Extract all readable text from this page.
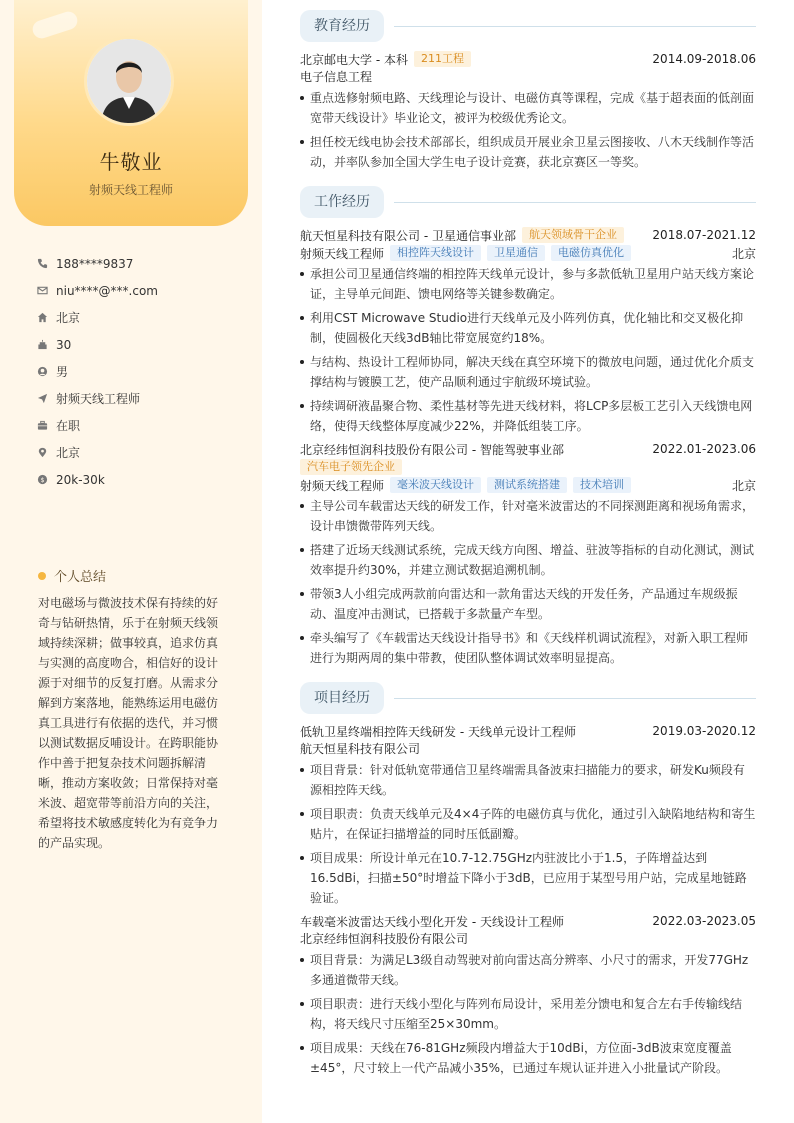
牛敬业
射频天线工程师
188****9837
niu****@***.com
北京
30
男
射频天线工程师
在职
北京
$ 20k-30k
个人总结
对电磁场与微波技术保有持续的好奇与钻研热情，乐于在射频天线领域持续深耕；做事较真，追求仿真与实测的高度吻合，相信好的设计源于对细节的反复打磨。从需求分解到方案落地，能熟练运用电磁仿真工具进行有依据的迭代，并习惯以测试数据反哺设计。在跨职能协作中善于把复杂技术问题拆解清晰，推动方案收敛；日常保持对毫米波、超宽带等前沿方向的关注，希望将技术敏感度转化为有竞争力的产品实现。
教育经历
北京邮电大学 - 本科	211工程	2014.09-2018.06
电子信息工程
重点选修射频电路、天线理论与设计、电磁仿真等课程，完成《基于超表面的低剖面宽带天线设计》毕业论文，被评为校级优秀论文。
担任校无线电协会技术部部长，组织成员开展业余卫星云图接收、八木天线制作等活动，并率队参加全国大学生电子设计竞赛，获北京赛区一等奖。
工作经历
航天恒星科技有限公司 - 卫星通信事业部	航天领域骨干企业	2018.07-2021.12
射频天线工程师	相控阵天线设计	卫星通信	电磁仿真优化	北京
承担公司卫星通信终端的相控阵天线单元设计，参与多款低轨卫星用户站天线方案论证，主导单元间距、馈电网络等关键参数确定。
利用CST Microwave Studio进行天线单元及小阵列仿真，优化轴比和交叉极化抑制，使圆极化天线3dB轴比带宽展宽约18%。
与结构、热设计工程师协同，解决天线在真空环境下的微放电问题，通过优化介质支撑结构与镀膜工艺，使产品顺利通过宇航级环境试验。
持续调研液晶聚合物、柔性基材等先进天线材料，将LCP多层板工艺引入天线馈电网络，使得天线整体厚度减少22%，并降低组装工序。
北京经纬恒润科技股份有限公司 - 智能驾驶事业部	2022.01-2023.06
汽车电子领先企业
射频天线工程师	毫米波天线设计	测试系统搭建	技术培训	北京
主导公司车载雷达天线的研发工作，针对毫米波雷达的不同探测距离和视场角需求，设计串馈微带阵列天线。
搭建了近场天线测试系统，完成天线方向图、增益、驻波等指标的自动化测试，测试效率提升约30%，并建立测试数据追溯机制。
带领3人小组完成两款前向雷达和一款角雷达天线的开发任务，产品通过车规级振动、温度冲击测试，已搭载于多款量产车型。
牵头编写了《车载雷达天线设计指导书》和《天线样机调试流程》，对新入职工程师进行为期两周的集中带教，使团队整体调试效率明显提高。
项目经历
低轨卫星终端相控阵天线研发 - 天线单元设计工程师	2019.03-2020.12
航天恒星科技有限公司
项目背景：针对低轨宽带通信卫星终端需具备波束扫描能力的要求，研发Ku频段有源相控阵天线。
项目职责：负责天线单元及4×4子阵的电磁仿真与优化，通过引入缺陷地结构和寄生贴片，在保证扫描增益的同时压低副瓣。
项目成果：所设计单元在10.7-12.75GHz内驻波比小于1.5，子阵增益达到16.5dBi，扫描±50°时增益下降小于3dB，已应用于某型号用户站，完成星地链路验证。
车载毫米波雷达天线小型化开发 - 天线设计工程师	2022.03-2023.05
北京经纬恒润科技股份有限公司
项目背景：为满足L3级自动驾驶对前向雷达高分辨率、小尺寸的需求，开发77GHz多通道微带天线。
项目职责：进行天线小型化与阵列布局设计，采用差分馈电和复合左右手传输线结构，将天线尺寸压缩至25×30mm。
项目成果：天线在76-81GHz频段内增益大于10dBi，方位面-3dB波束宽度覆盖±45°，尺寸较上一代产品减小35%，已通过车规认证并进入小批量试产阶段。
